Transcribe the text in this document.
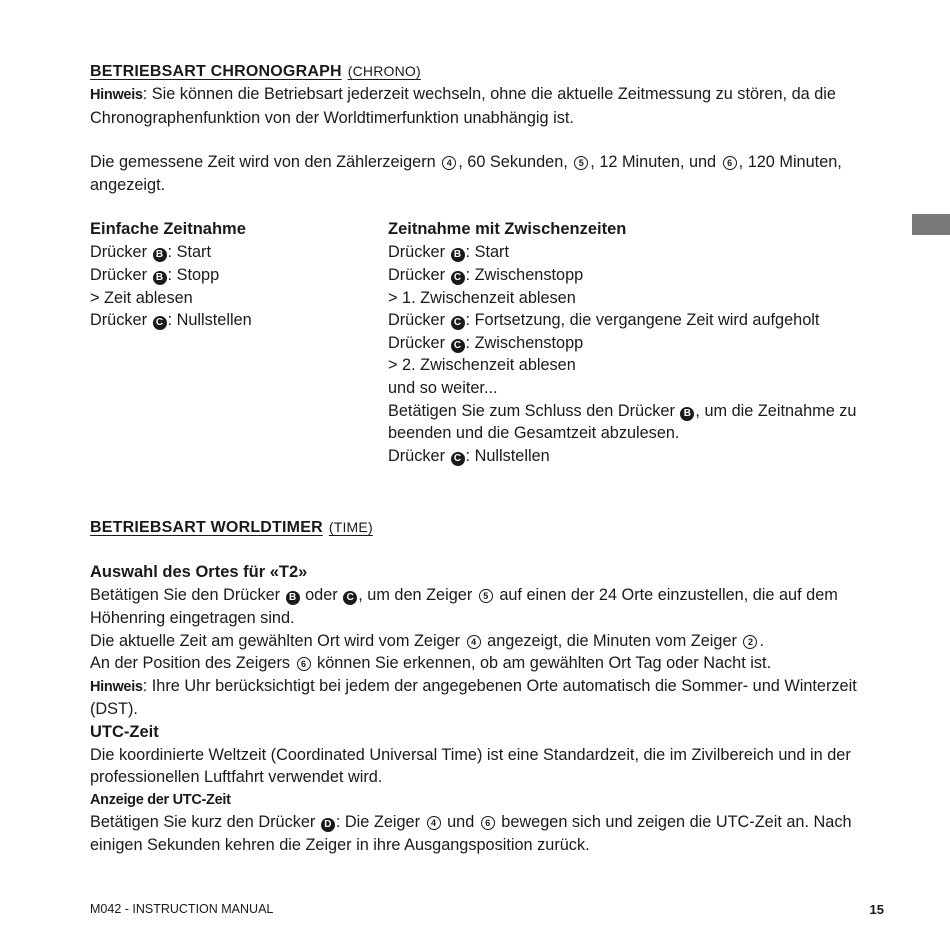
BETRIEBSART CHRONOGRAPH (CHRONO)

Hinweis: Sie können die Betriebsart jederzeit wechseln, ohne die aktuelle Zeitmessung zu stören, da die Chronographenfunktion von der Worldtimerfunktion unabhängig ist.

Die gemessene Zeit wird von den Zählerzeigern 4 , 60 Sekunden, 5 , 12 Minuten, und 6 , 120 Minuten, angezeigt.

Einfache Zeitnahme

Drücker B : Start

Drücker B : Stopp

> Zeit ablesen

Drücker C : Nullstellen

Zeitnahme mit Zwischenzeiten

Drücker B : Start

Drücker C : Zwischenstopp

> 1. Zwischenzeit ablesen

Drücker C : Fortsetzung, die vergangene Zeit wird aufgeholt

Drücker C : Zwischenstopp

> 2. Zwischenzeit ablesen

und so weiter...

Betätigen Sie zum Schluss den Drücker B , um die Zeitnahme zu beenden und die Gesamtzeit abzulesen.

Drücker C : Nullstellen

BETRIEBSART WORLDTIMER (TIME)

Auswahl des Ortes für «T2»

Betätigen Sie den Drücker B oder C , um den Zeiger 5 auf einen der 24 Orte einzustellen, die auf dem Höhenring eingetragen sind.

Die aktuelle Zeit am gewählten Ort wird vom Zeiger 4 angezeigt, die Minuten vom Zeiger 2 .

An der Position des Zeigers 6 können Sie erkennen, ob am gewählten Ort Tag oder Nacht ist.

Hinweis: Ihre Uhr berücksichtigt bei jedem der angegebenen Orte automatisch die Sommer- und Winterzeit (DST).

UTC-Zeit

Die koordinierte Weltzeit (Coordinated Universal Time) ist eine Standardzeit, die im Zivilbereich und in der professionellen Luftfahrt verwendet wird.

Anzeige der UTC-Zeit

Betätigen Sie kurz den Drücker D : Die Zeiger 4 und 6 bewegen sich und zeigen die UTC-Zeit an. Nach einigen Sekunden kehren die Zeiger in ihre Ausgangsposition zurück.

M042 - INSTRUCTION MANUAL	15
